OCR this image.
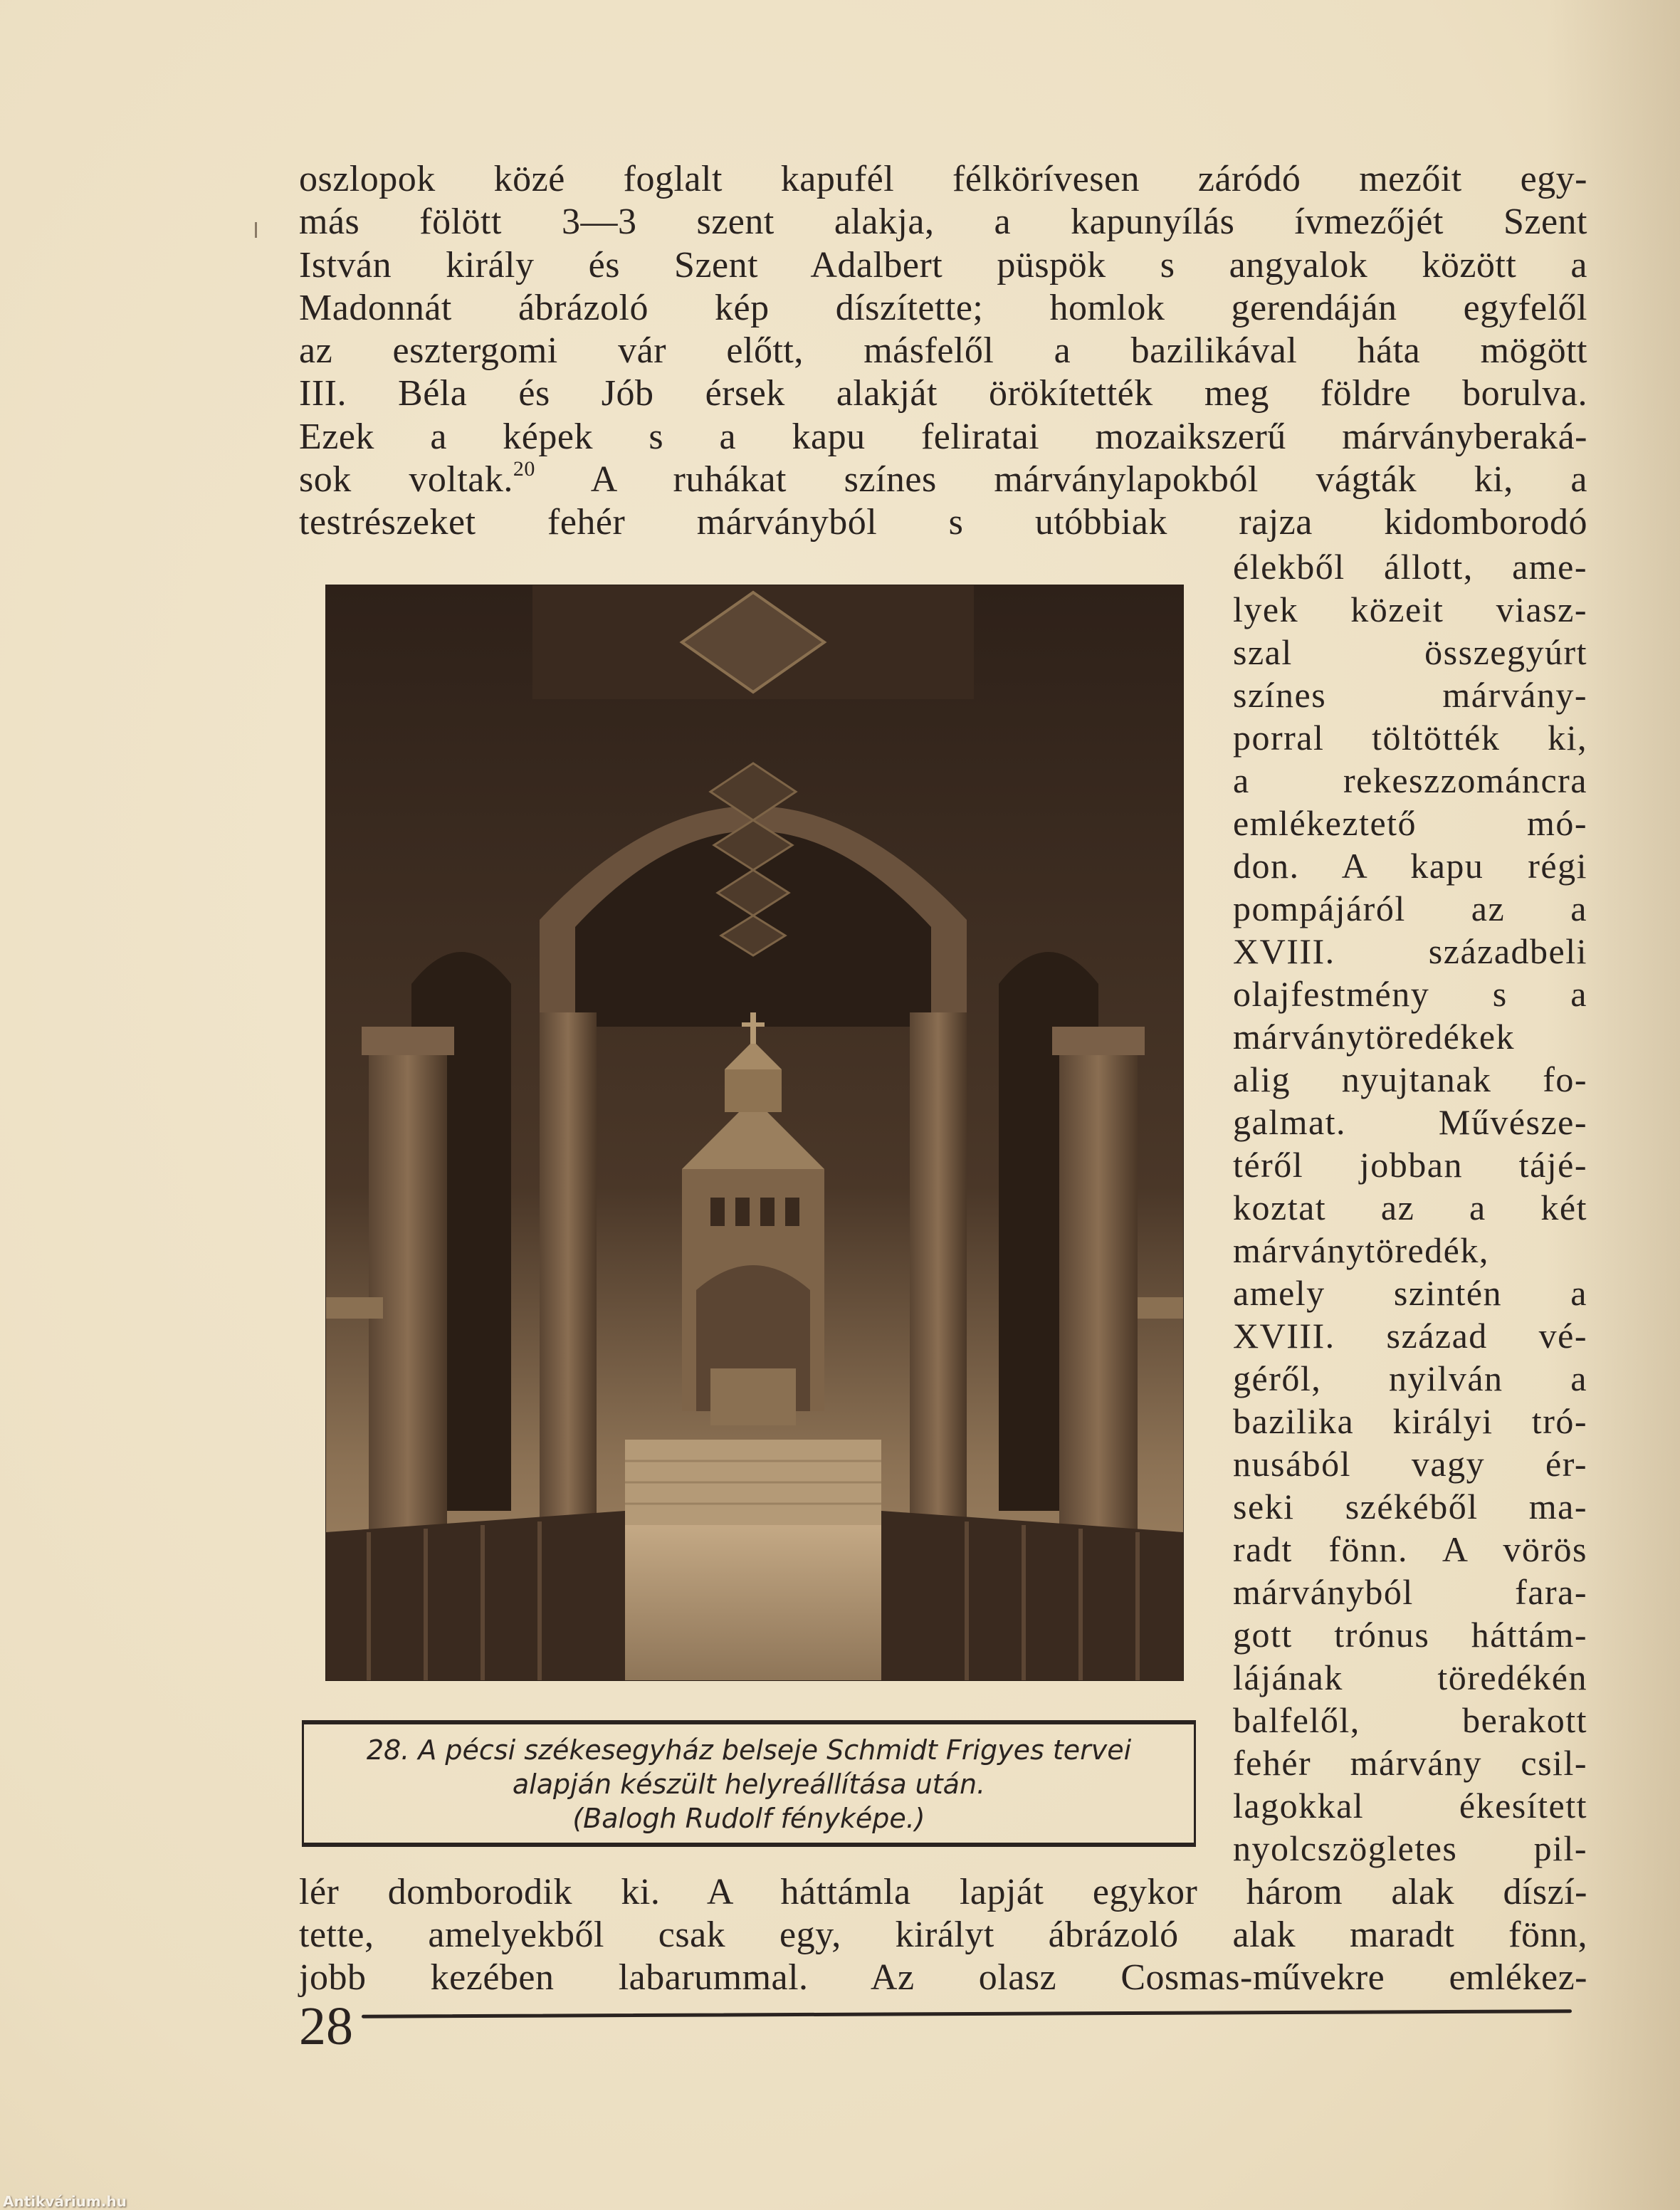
oszlopok közé foglalt kapufél félkörívesen záródó mezőit egy-
más fölött 3—3 szent alakja, a kapunyílás ívmezőjét Szent
István király és Szent Adalbert püspök s angyalok között a
Madonnát ábrázoló kép díszítette; homlok gerendáján egyfelől
az esztergomi vár előtt, másfelől a bazilikával háta mögött
III. Béla és Jób érsek alakját örökítették meg földre borulva.
Ezek a képek s a kapu feliratai mozaikszerű márványberaká-
sok voltak.$^{20}$ A ruhákat színes márványlapokból vágták ki, a
testrészeket fehér márványból s utóbbiak rajza kidomborodó
élekből állott, ame-
lyek közeit viasz-
szal összegyúrt
színes márvány-
porral töltötték ki,
a rekeszzománcra
emlékeztető mó-
don. A kapu régi
pompájáról az a
XVIII. századbeli
olajfestmény s a
márványtöredékek
alig nyujtanak fo-
galmat. Művésze-
téről jobban tájé-
koztat az a két
márványtöredék,
amely szintén a
XVIII. század vé-
géről, nyilván a
bazilika királyi tró-
nusából vagy ér-
seki székéből ma-
radt fönn. A vörös
márványból fara-
gott trónus háttám-
lájának töredékén
balfelől, berakott
fehér márvány csil-
lagokkal ékesített
nyolcszögletes pil-
28. A pécsi székesegyház belseje Schmidt Frigyes tervei
alapján készült helyreállítása után.
(Balogh Rudolf fényképe.)
lér domborodik ki. A háttámla lapját egykor három alak díszí-
tette, amelyekből csak egy, királyt ábrázoló alak maradt fönn,
jobb kezében labarummal. Az olasz Cosmas-művekre emlékez-
28
Antikvárium.hu
